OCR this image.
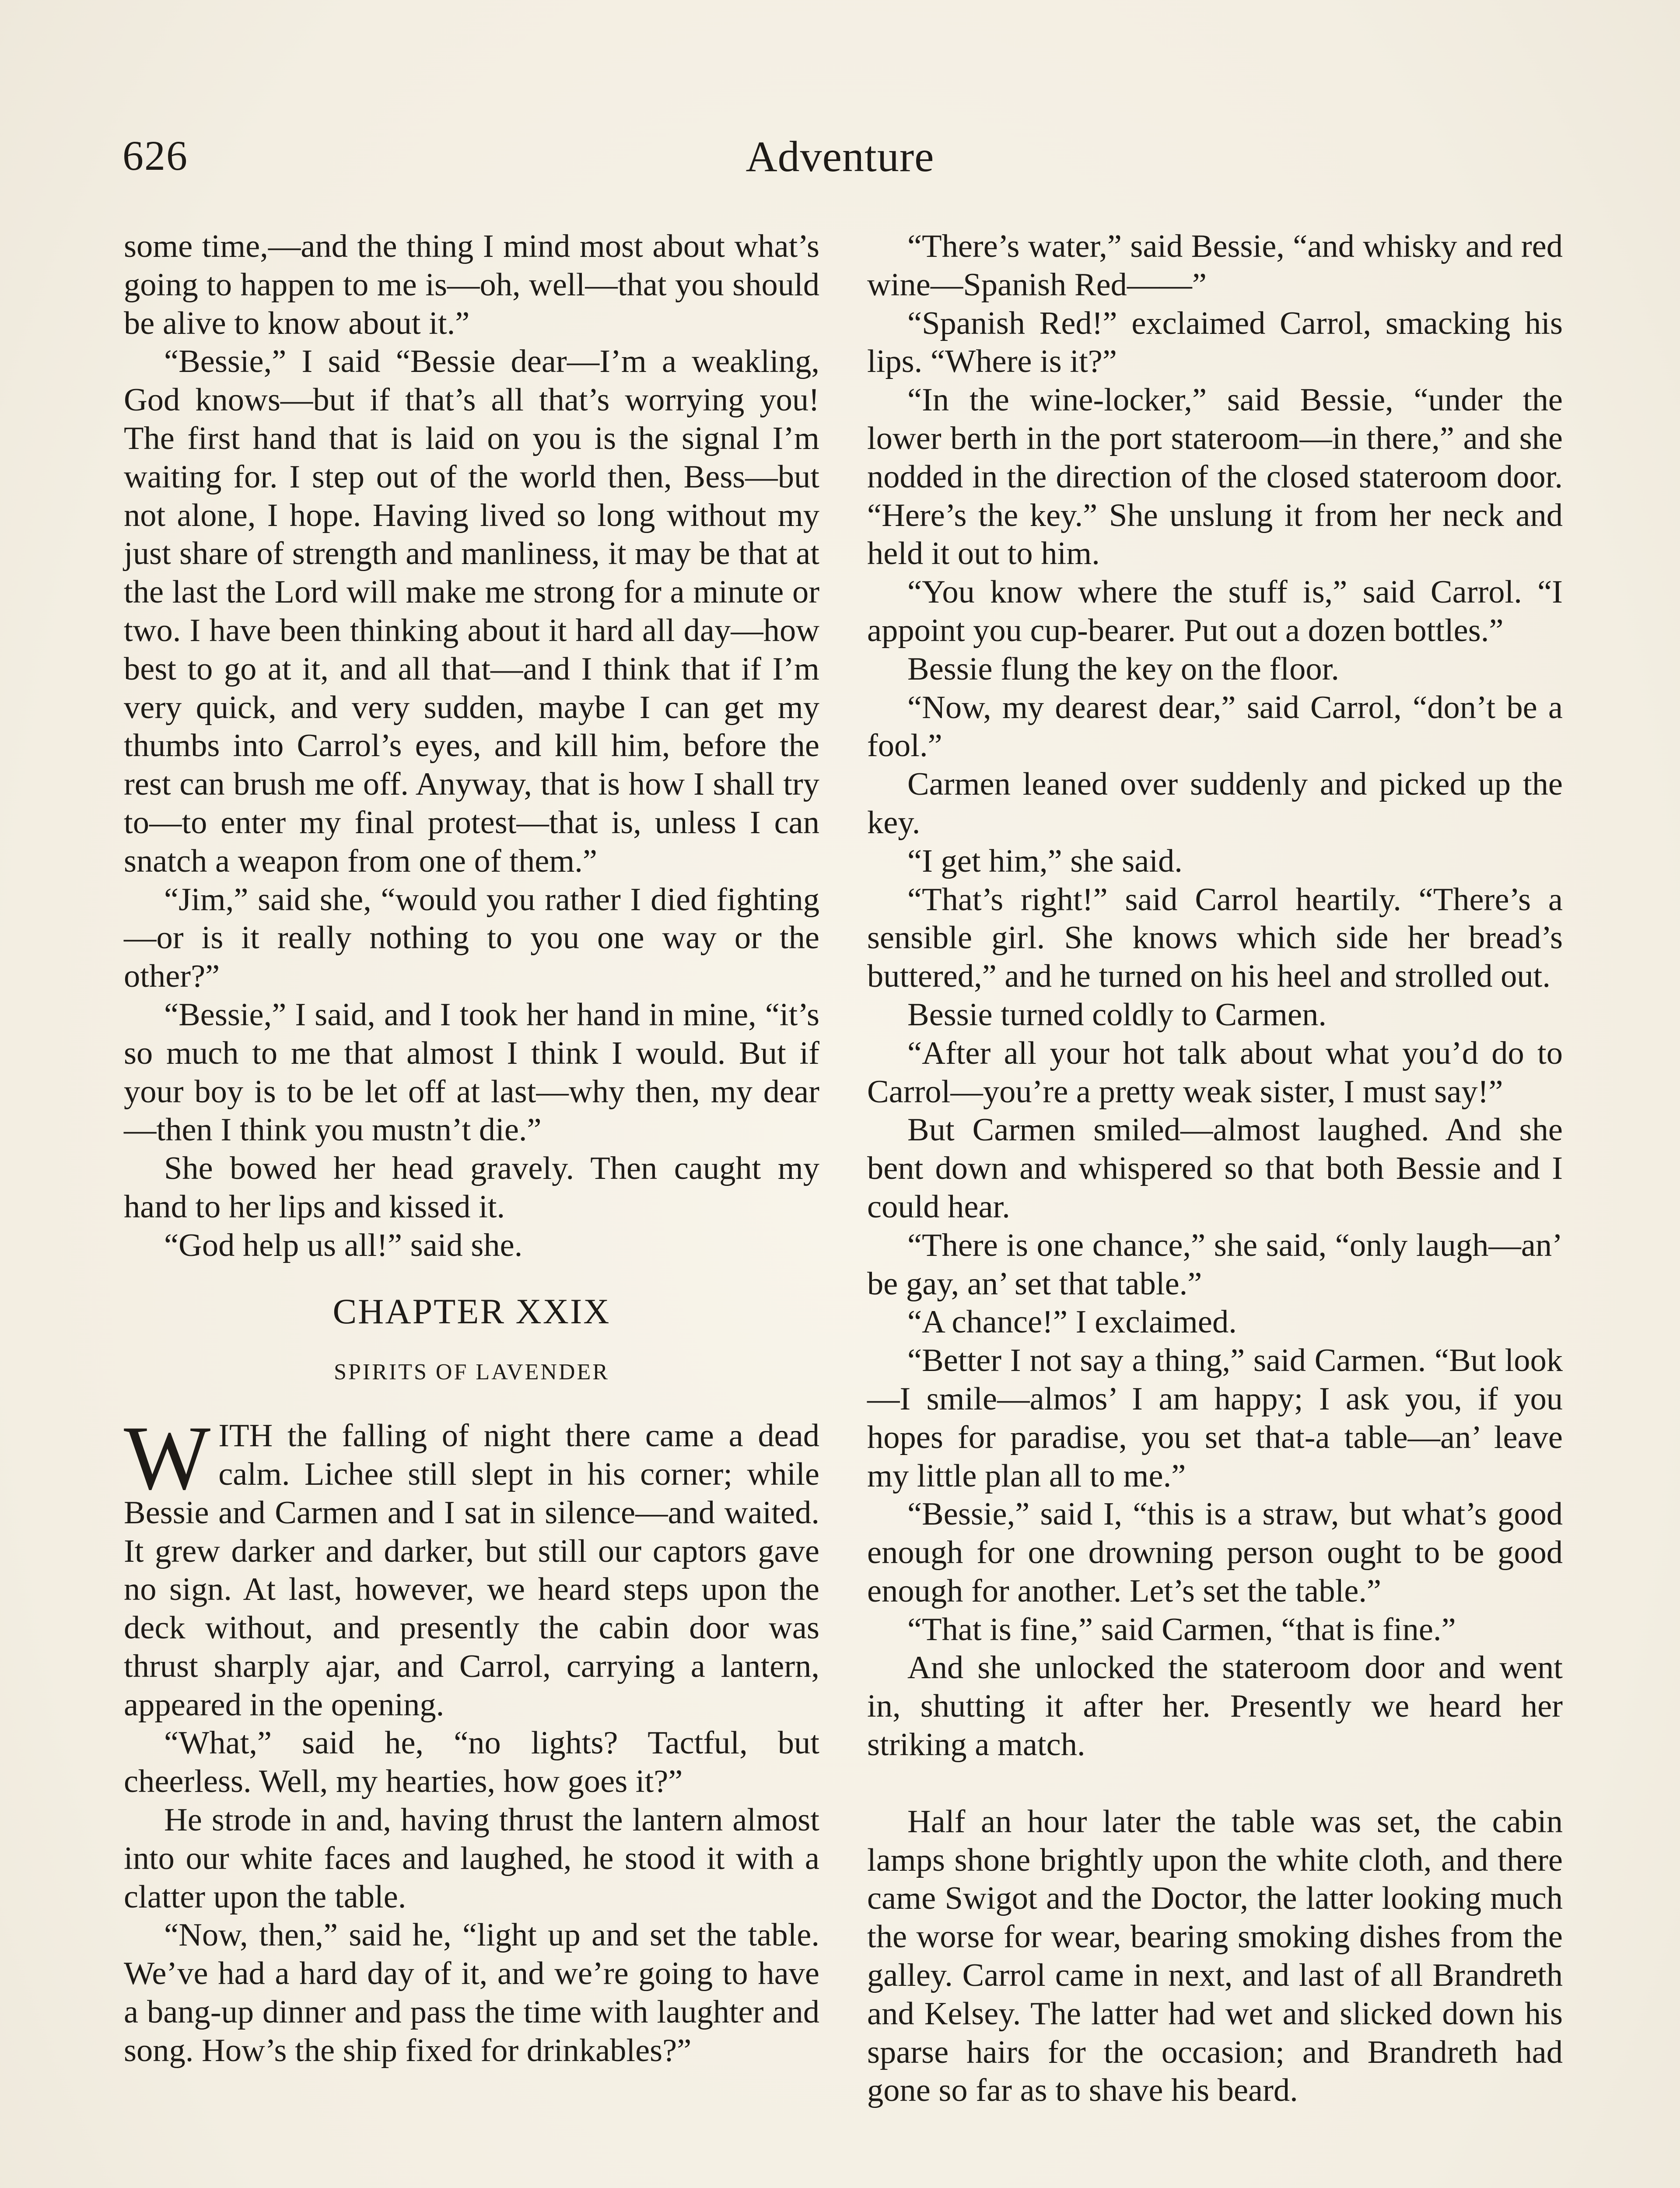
626	Adventure

some time,—and the thing I mind most about what’s going to happen to me is—oh, well—that you should be alive to know about it.”

“Bessie,” I said “Bessie dear—I’m a weakling, God knows—but if that’s all that’s worrying you! The first hand that is laid on you is the signal I’m waiting for. I step out of the world then, Bess—but not alone, I hope. Having lived so long without my just share of strength and manliness, it may be that at the last the Lord will make me strong for a minute or two. I have been thinking about it hard all day—how best to go at it, and all that—and I think that if I’m very quick, and very sudden, maybe I can get my thumbs into Carrol’s eyes, and kill him, before the rest can brush me off. Anyway, that is how I shall try to—to enter my final protest—that is, unless I can snatch a weapon from one of them.”

“Jim,” said she, “would you rather I died fighting—or is it really nothing to you one way or the other?”

“Bessie,” I said, and I took her hand in mine, “it’s so much to me that almost I think I would. But if your boy is to be let off at last—why then, my dear—then I think you mustn’t die.”

She bowed her head gravely. Then caught my hand to her lips and kissed it.

“God help us all!” said she.

CHAPTER XXIX
SPIRITS OF LAVENDER

WITH the falling of night there came a dead calm. Lichee still slept in his corner; while Bessie and Carmen and I sat in silence—and waited. It grew darker and darker, but still our captors gave no sign. At last, however, we heard steps upon the deck without, and presently the cabin door was thrust sharply ajar, and Carrol, carrying a lantern, appeared in the opening.

“What,” said he, “no lights? Tactful, but cheerless. Well, my hearties, how goes it?”

He strode in and, having thrust the lantern almost into our white faces and laughed, he stood it with a clatter upon the table.

“Now, then,” said he, “light up and set the table. We’ve had a hard day of it, and we’re going to have a bang-up dinner and pass the time with laughter and song. How’s the ship fixed for drinkables?”

“There’s water,” said Bessie, “and whisky and red wine—Spanish Red——”

“Spanish Red!” exclaimed Carrol, smacking his lips. “Where is it?”

“In the wine-locker,” said Bessie, “under the lower berth in the port stateroom—in there,” and she nodded in the direction of the closed stateroom door. “Here’s the key.” She unslung it from her neck and held it out to him.

“You know where the stuff is,” said Carrol. “I appoint you cup-bearer. Put out a dozen bottles.”

Bessie flung the key on the floor.

“Now, my dearest dear,” said Carrol, “don’t be a fool.”

Carmen leaned over suddenly and picked up the key.

“I get him,” she said.

“That’s right!” said Carrol heartily. “There’s a sensible girl. She knows which side her bread’s buttered,” and he turned on his heel and strolled out.

Bessie turned coldly to Carmen.

“After all your hot talk about what you’d do to Carrol—you’re a pretty weak sister, I must say!”

But Carmen smiled—almost laughed. And she bent down and whispered so that both Bessie and I could hear.

“There is one chance,” she said, “only laugh—an’ be gay, an’ set that table.”

“A chance!” I exclaimed.

“Better I not say a thing,” said Carmen. “But look—I smile—almos’ I am happy; I ask you, if you hopes for paradise, you set that-a table—an’ leave my little plan all to me.”

“Bessie,” said I, “this is a straw, but what’s good enough for one drowning person ought to be good enough for another. Let’s set the table.”

“That is fine,” said Carmen, “that is fine.”

And she unlocked the stateroom door and went in, shutting it after her. Presently we heard her striking a match.

Half an hour later the table was set, the cabin lamps shone brightly upon the white cloth, and there came Swigot and the Doctor, the latter looking much the worse for wear, bearing smoking dishes from the galley. Carrol came in next, and last of all Brandreth and Kelsey. The latter had wet and slicked down his sparse hairs for the occasion; and Brandreth had gone so far as to shave his beard.
